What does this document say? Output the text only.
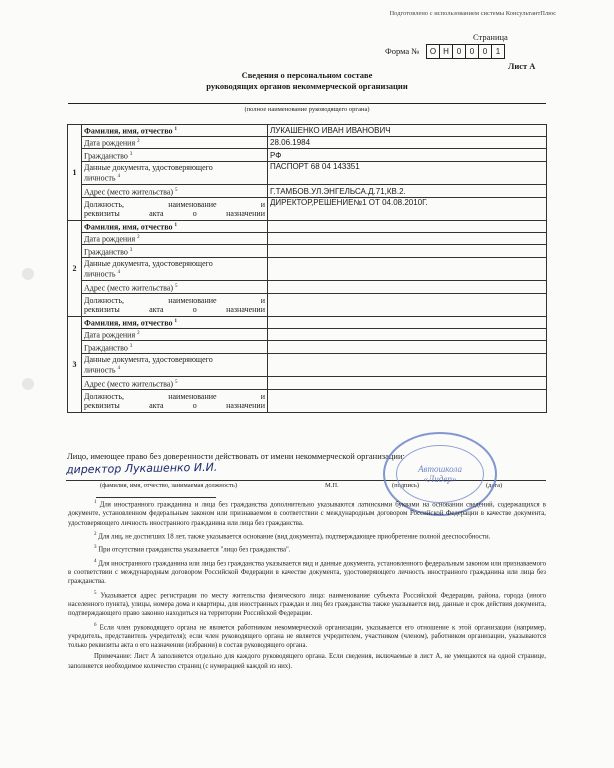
Подготовлено с использованием системы КонсультантПлюс
Страница
Форма №	О Н 0	0	0	1
Лист А
Сведения о персональном составе
руководящих органов некоммерческой организации
(полное наименование руководящего органа)
1	Фамилия, имя, отчество $^1$	ЛУКАШЕНКО ИВАН ИВАНОВИЧ
	Дата рождения $^2$	28.06.1984
	Гражданство $^3$	РФ

	Данные документа, удостоверяющего
личность $^4$	ПАСПОРТ 68 04 143351
	Адрес (место жительства) $^5$	Г.ТАМБОВ.УЛ.ЭНГЕЛЬСА.Д.71,КВ.2.

	Должность, наименование и
реквизиты акта о назначении	ДИРЕКТОР,РЕШЕНИЕ№1 ОТ 04.08.2010Г.
2	Фамилия, имя, отчество $^1$	
	Дата рождения $^2$	
	Гражданство $^3$	

	Данные документа, удостоверяющего
личность $^4$

	Адрес (место жительства) $^5$	

	Должность, наименование и
реквизиты акта о назначении	

3	Фамилия, имя, отчество $^1$	
	Дата рождения $^2$	
	Гражданство $^3$	

	Данные документа, удостоверяющего
личность $^4$

	Адрес (место жительства) $^5$	

	Должность, наименование и
реквизиты акта о назначении	

Лицо, имеющее право без доверенности действовать от имени некоммерческой организации:
директор Лукашенко И.И.
(фамилия, имя, отчество, занимаемая должность)	М.П.	(подпись)	(дата)
Автошкола
«Лидер»

$^1$ Для иностранного гражданина и лица без гражданства дополнительно указываются латинскими буквами на основании сведений, содержащихся в документе, установленном федеральным законом или признаваемом в соответствии с международным договором Российской Федерации в качестве документа, удостоверяющего личность иностранного гражданина или лица без гражданства.

$^2$ Для лиц, не достигших 18 лет, также указывается основание (вид документа), подтверждающее приобретение полной дееспособности.

$^3$ При отсутствии гражданства указывается "лицо без гражданства".

$^4$ Для иностранного гражданина или лица без гражданства указывается вид и данные документа, установленного федеральным законом или признаваемого в соответствии с международным договором Российской Федерации в качестве документа, удостоверяющего личность иностранного гражданина или лица без гражданства.

$^5$ Указывается адрес регистрации по месту жительства физического лица: наименование субъекта Российской Федерации, района, города (иного населенного пункта), улицы, номера дома и квартиры, для иностранных граждан и лиц без гражданства также указывается вид, данные и срок действия документа, подтверждающего право законно находиться на территории Российской Федерации.

$^6$ Если член руководящего органа не является работником некоммерческой организации, указывается его отношение к этой организации (например, учредитель, представитель учредителя); если член руководящего органа не является учредителем, участником (членом), работником организации, указываются только реквизиты акта о его назначении (избрании) в состав руководящего органа.

Примечание: Лист А заполняется отдельно для каждого руководящего органа. Если сведения, включаемые в лист А, не умещаются на одной странице, заполняется необходимое количество страниц (с нумерацией каждой из них).
